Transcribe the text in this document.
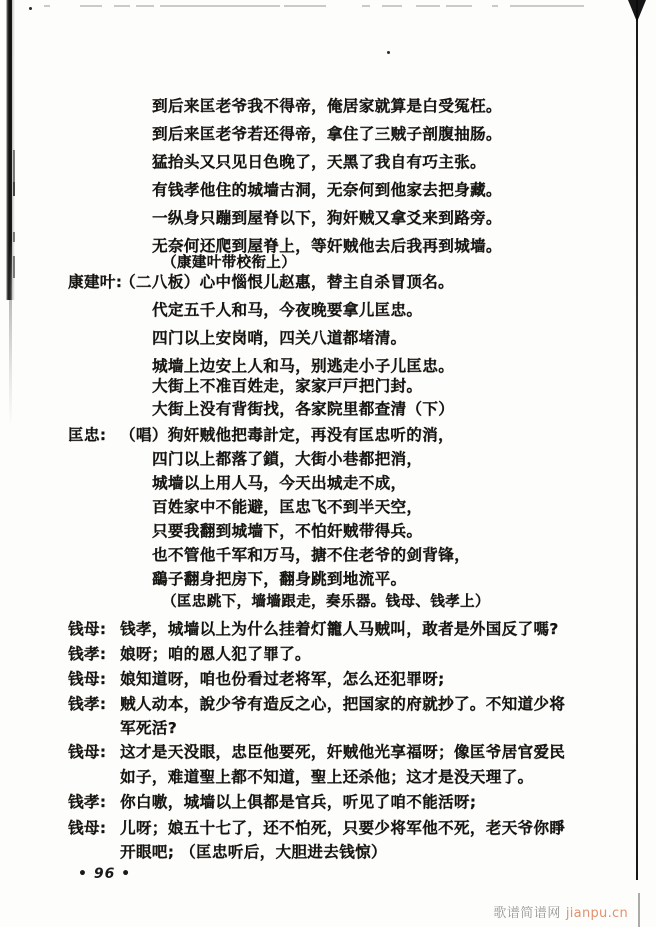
到后来匡老爷我不得帝，俺居家就算是白受冤枉。
到后来匡老爷若还得帝，拿住了三贼子剖腹抽肠。
猛抬头又只见日色晚了，天黑了我自有巧主张。
有钱孝他住的城墙古洞，无奈何到他家去把身藏。
一纵身只蹦到屋脊以下，狗奸贼又拿爻来到路旁。
无奈何还爬到屋脊上，等奸贼他去后我再到城墙。
（康建叶带校衔上）
康建叶:（二八板）心中惱恨儿赵惠，替主自杀冒顶名。
代定五千人和马，今夜晚要拿儿匡忠。
四门以上安岗哨，四关八道都堵清。
城墙上边安上人和马，别逃走小子儿匡忠。
大街上不准百姓走，家家戸戸把门封。
大街上没有背街找，各家院里都查清（下）
匡忠: （唱）狗奸贼他把毒計定，再没有匡忠听的消，
四门以上都落了鎖，大街小巷都把消，
城墙以上用人马，今天出城走不成，
百姓家中不能避，匡忠飞不到半天空，
只要我翻到城墙下，不怕奸贼带得兵。
也不管他千军和万马，搪不住老爷的剑背锋，
鷂子翻身把房下，翻身跳到地流平。
（匡忠跳下，墙墙跟走，奏乐器。钱母、钱孝上）
钱母: 钱孝，城墙以上为什么挂着灯籠人马贼叫，敢者是外国反了嗎?
钱孝: 娘呀；咱的恩人犯了罪了。
钱母: 娘知道呀，咱也份看过老将军，怎么还犯罪呀;
钱孝: 贼人动本，說少爷有造反之心，把国家的府就抄了。不知道少将
军死活?
钱母: 这才是天没眼，忠臣他要死，奸贼他光享福呀；像匡爷居官爱民
如子，难道聖上都不知道，聖上还杀他；这才是没天理了。
钱孝: 你白嗷，城墙以上俱都是官兵，听见了咱不能活呀;
钱母: 儿呀；娘五十七了，还不怕死，只要少将军他不死，老天爷你睜
开眼吧; （匡忠听后，大胆进去钱惊）
• 96 •
歌谱简谱网 jianpu.cn
